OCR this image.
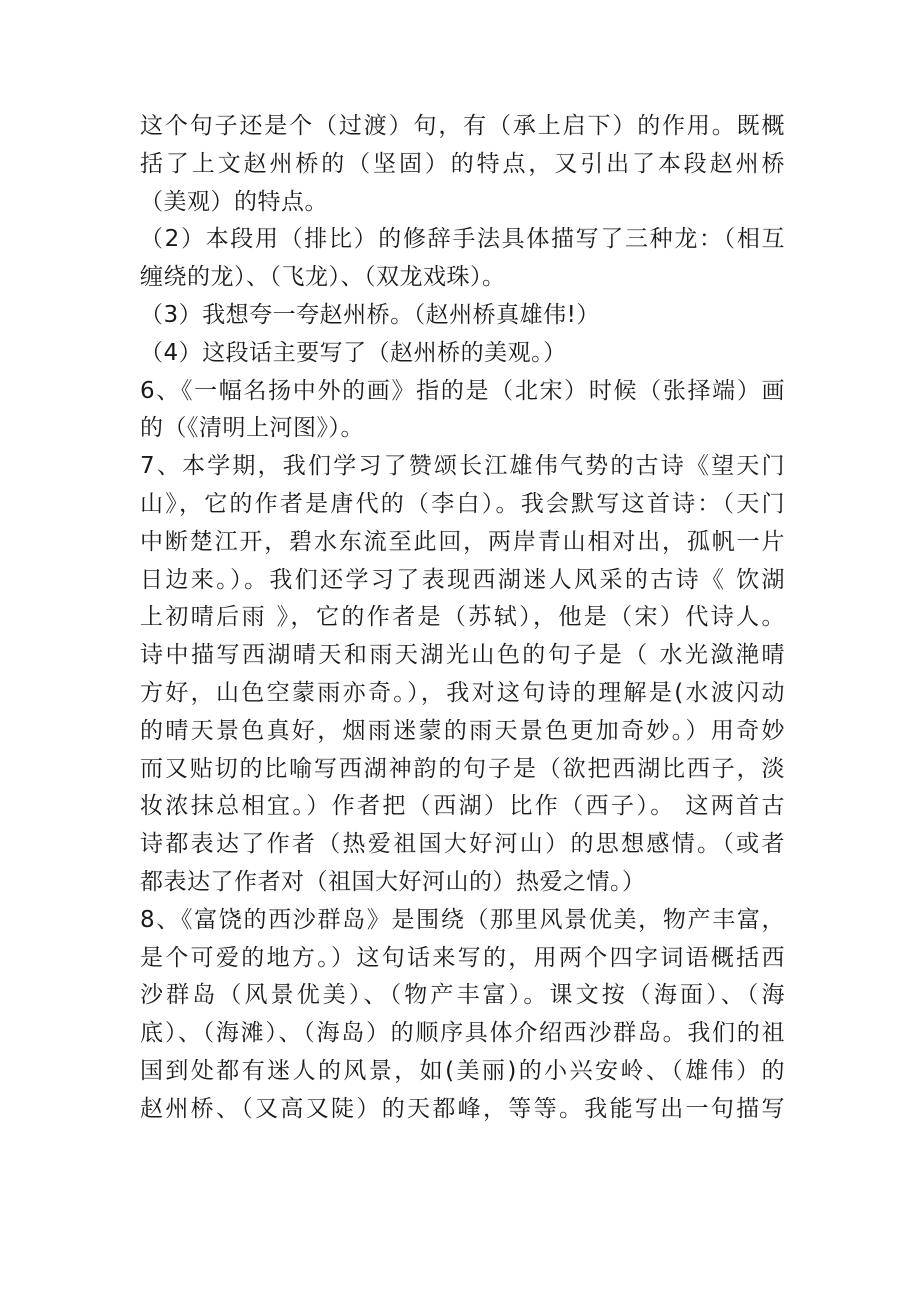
这个句子还是个（过渡）句，有（承上启下）的作用。既概
括了上文赵州桥的（坚固）的特点，又引出了本段赵州桥
（美观）的特点。
（2）本段用（排比）的修辞手法具体描写了三种龙：（相互
缠绕的龙）、（飞龙）、（双龙戏珠）。
（3）我想夸一夸赵州桥。（赵州桥真雄伟!）
（4）这段话主要写了（赵州桥的美观。）
6、《一幅名扬中外的画》指的是（北宋）时候（张择端）画
的（《清明上河图》）。
7、本学期，我们学习了赞颂长江雄伟气势的古诗《望天门
山》，它的作者是唐代的（李白）。我会默写这首诗：（天门
中断楚江开，碧水东流至此回，两岸青山相对出，孤帆一片
日边来。）。我们还学习了表现西湖迷人风采的古诗《 饮湖
上初晴后雨 》，它的作者是（苏轼），他是（宋）代诗人。
诗中描写西湖晴天和雨天湖光山色的句子是（ 水光潋滟晴
方好，山色空蒙雨亦奇。），我对这句诗的理解是(水波闪动
的晴天景色真好，烟雨迷蒙的雨天景色更加奇妙。）用奇妙
而又贴切的比喻写西湖神韵的句子是（欲把西湖比西子，淡
妆浓抹总相宜。）作者把（西湖）比作（西子）。 这两首古
诗都表达了作者（热爱祖国大好河山）的思想感情。（或者
都表达了作者对（祖国大好河山的）热爱之情。）
8、《富饶的西沙群岛》是围绕（那里风景优美，物产丰富，
是个可爱的地方。）这句话来写的，用两个四字词语概括西
沙群岛（风景优美）、（物产丰富）。课文按（海面）、（海
底）、（海滩）、（海岛）的顺序具体介绍西沙群岛。我们的祖
国到处都有迷人的风景，如(美丽)的小兴安岭、（雄伟）的
赵州桥、（又高又陡）的天都峰，等等。我能写出一句描写
